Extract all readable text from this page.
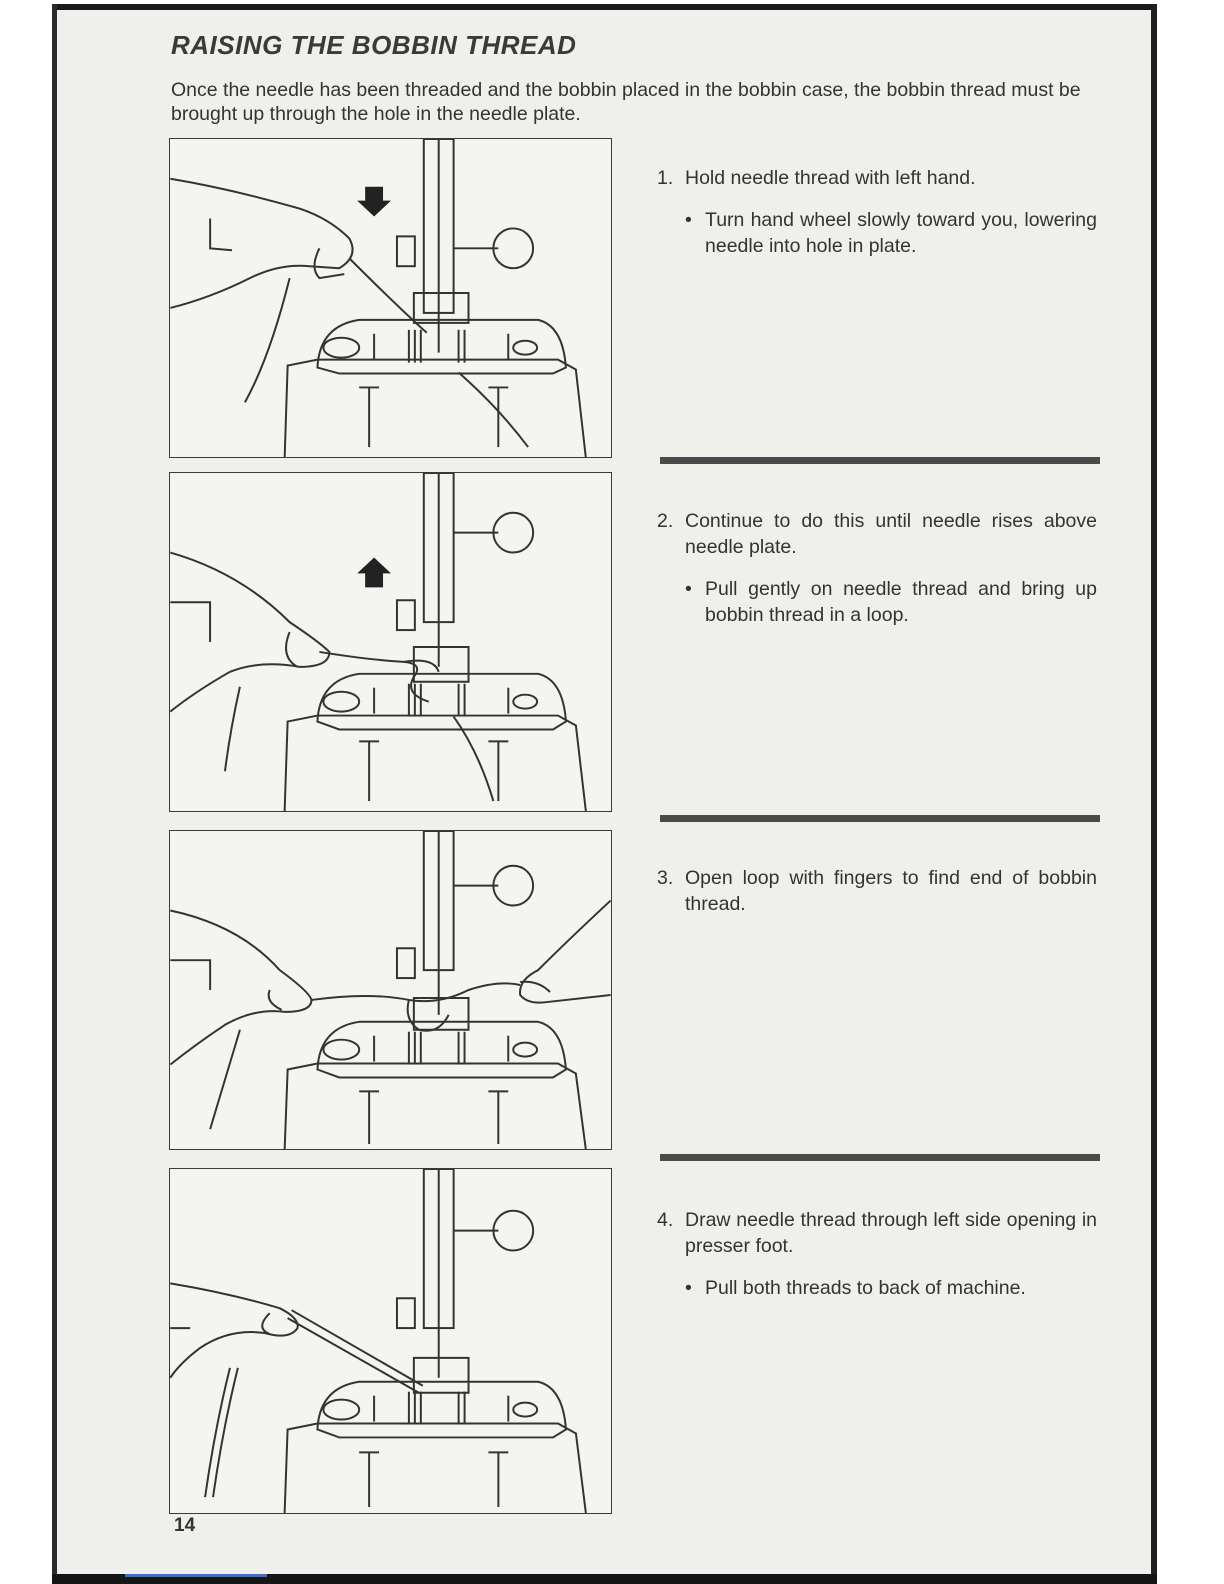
RAISING THE BOBBIN THREAD
Once the needle has been threaded and the bobbin placed in the bobbin case, the bobbin thread must be brought up through the hole in the needle plate.
1. Hold needle thread with left hand.
• Turn hand wheel slowly toward you, lowering needle into hole in plate.
2. Continue to do this until needle rises above needle plate.
• Pull gently on needle thread and bring up bobbin thread in a loop.
3. Open loop with fingers to find end of bobbin thread.
4. Draw needle thread through left side opening in presser foot.
• Pull both threads to back of machine.
14
